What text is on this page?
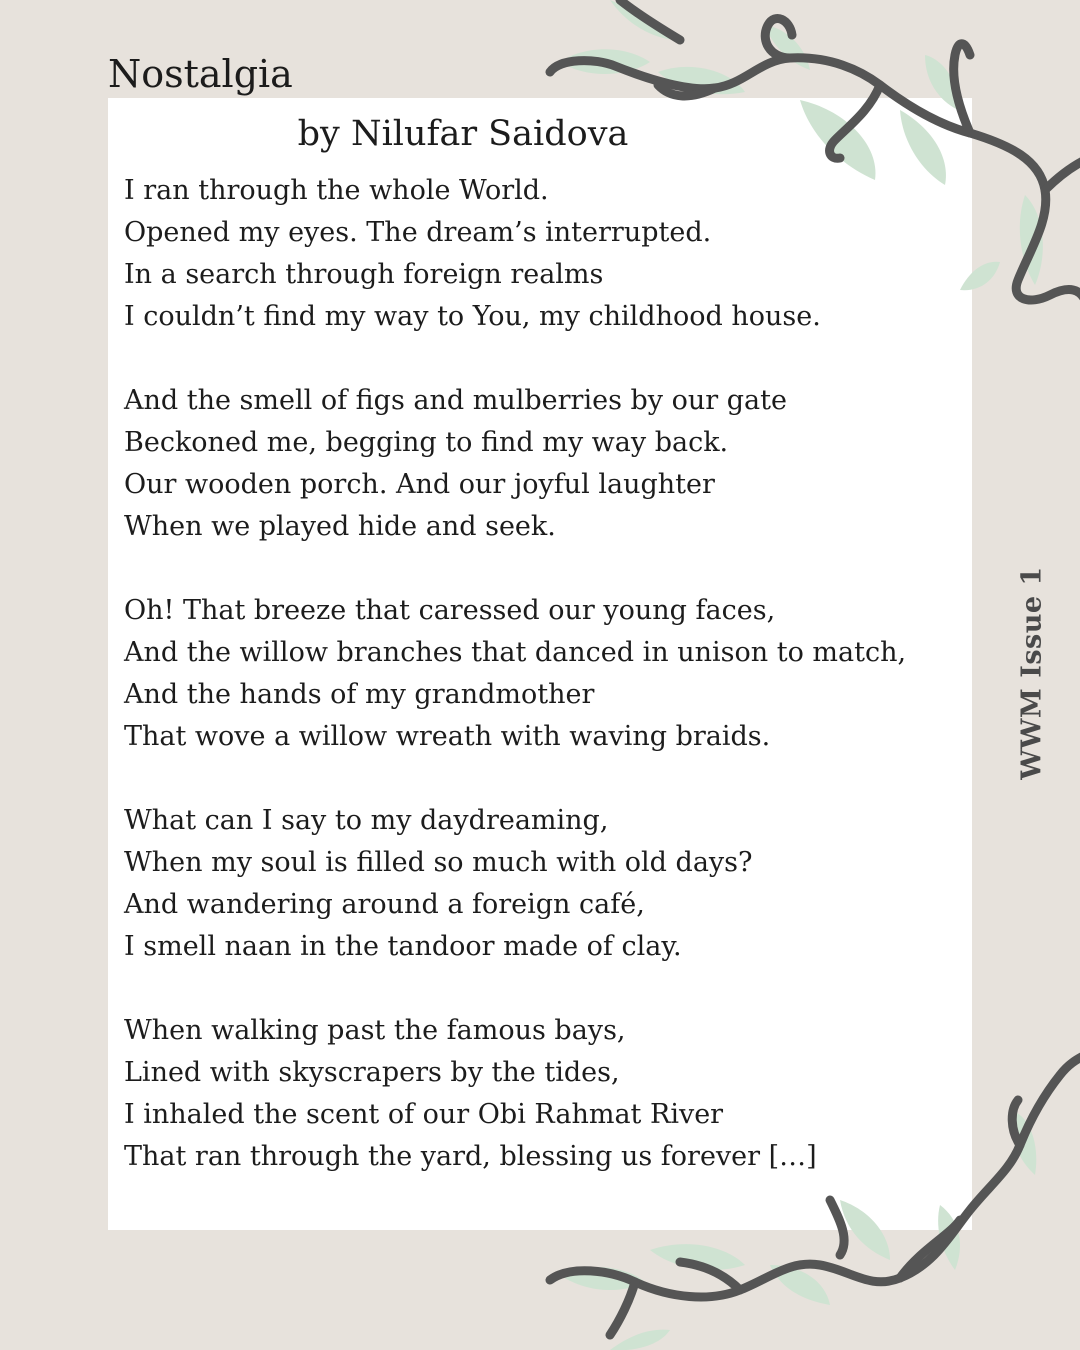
Nostalgia
by Nilufar Saidova
I ran through the whole World.
Opened my eyes. The dream’s interrupted.
In a search through foreign realms
I couldn’t find my way to You, my childhood house.
And the smell of figs and mulberries by our gate
Beckoned me, begging to find my way back.
Our wooden porch. And our joyful laughter
When we played hide and seek.
Oh! That breeze that caressed our young faces,
And the willow branches that danced in unison to match,
And the hands of my grandmother
That wove a willow wreath with waving braids.
What can I say to my daydreaming,
When my soul is filled so much with old days?
And wandering around a foreign café,
I smell naan in the tandoor made of clay.
When walking past the famous bays,
Lined with skyscrapers by the tides,
I inhaled the scent of our Obi Rahmat River
That ran through the yard, blessing us forever […]
WWM Issue 1
